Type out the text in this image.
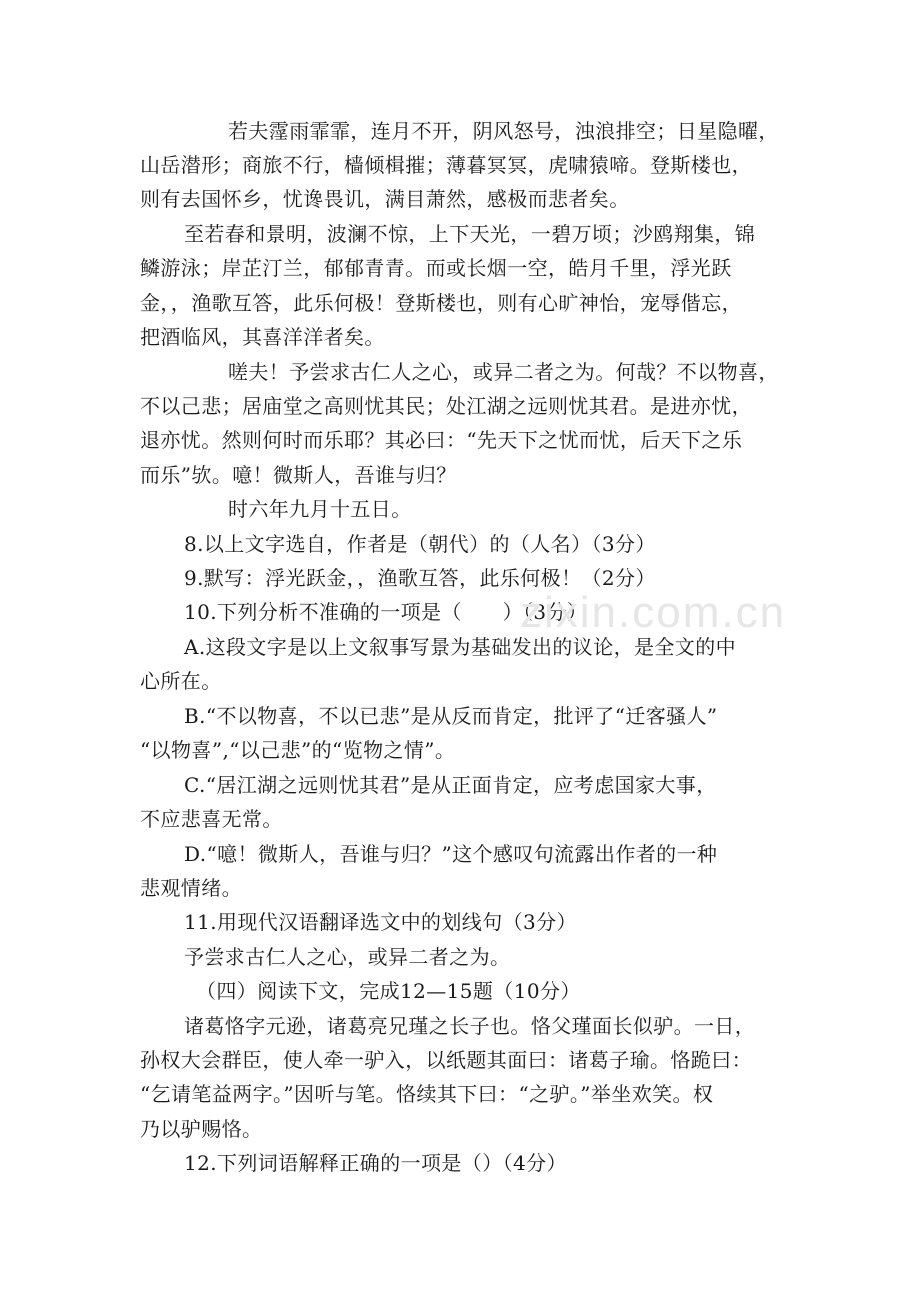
若夫霪雨霏霏，连月不开，阴风怒号，浊浪排空；日星隐曜，
山岳潜形；商旅不行，樯倾楫摧；薄暮冥冥，虎啸猿啼。登斯楼也，
则有去国怀乡，忧谗畏讥，满目萧然，感极而悲者矣。
至若春和景明，波澜不惊，上下天光，一碧万顷；沙鸥翔集，锦
鳞游泳；岸芷汀兰，郁郁青青。而或长烟一空，皓月千里，浮光跃
金，，渔歌互答，此乐何极！登斯楼也，则有心旷神怡，宠辱偕忘，
把酒临风，其喜洋洋者矣。
嗟夫！予尝求古仁人之心，或异二者之为。何哉？不以物喜，
不以己悲；居庙堂之高则忧其民；处江湖之远则忧其君。是进亦忧，
退亦忧。然则何时而乐耶？其必曰：“先天下之忧而忧，后天下之乐
而乐”欤。噫！微斯人，吾谁与归？
时六年九月十五日。
8.以上文字选自，作者是（朝代）的（人名）（3分）
9.默写：浮光跃金，，渔歌互答，此乐何极！（2分）
10.下列分析不准确的一项是（　　）（3分）
A.这段文字是以上文叙事写景为基础发出的议论，是全文的中
心所在。
B.“不以物喜，不以已悲”是从反而肯定，批评了“迁客骚人”
“以物喜”,“以己悲”的“览物之情”。
C.“居江湖之远则忧其君”是从正面肯定，应考虑国家大事，
不应悲喜无常。
D.“噫！微斯人，吾谁与归？”这个感叹句流露出作者的一种
悲观情绪。
11.用现代汉语翻译选文中的划线句（3分）
予尝求古仁人之心，或异二者之为。
（四）阅读下文，完成12—15题（10分）
诸葛恪字元逊，诸葛亮兄瑾之长子也。恪父瑾面长似驴。一日，
孙权大会群臣，使人牵一驴入，以纸题其面曰：诸葛子瑜。恪跪曰：
“乞请笔益两字。”因听与笔。恪续其下曰：“之驴。”举坐欢笑。权
乃以驴赐恪。
12.下列词语解释正确的一项是（）（4分）
zixin.com.cn
